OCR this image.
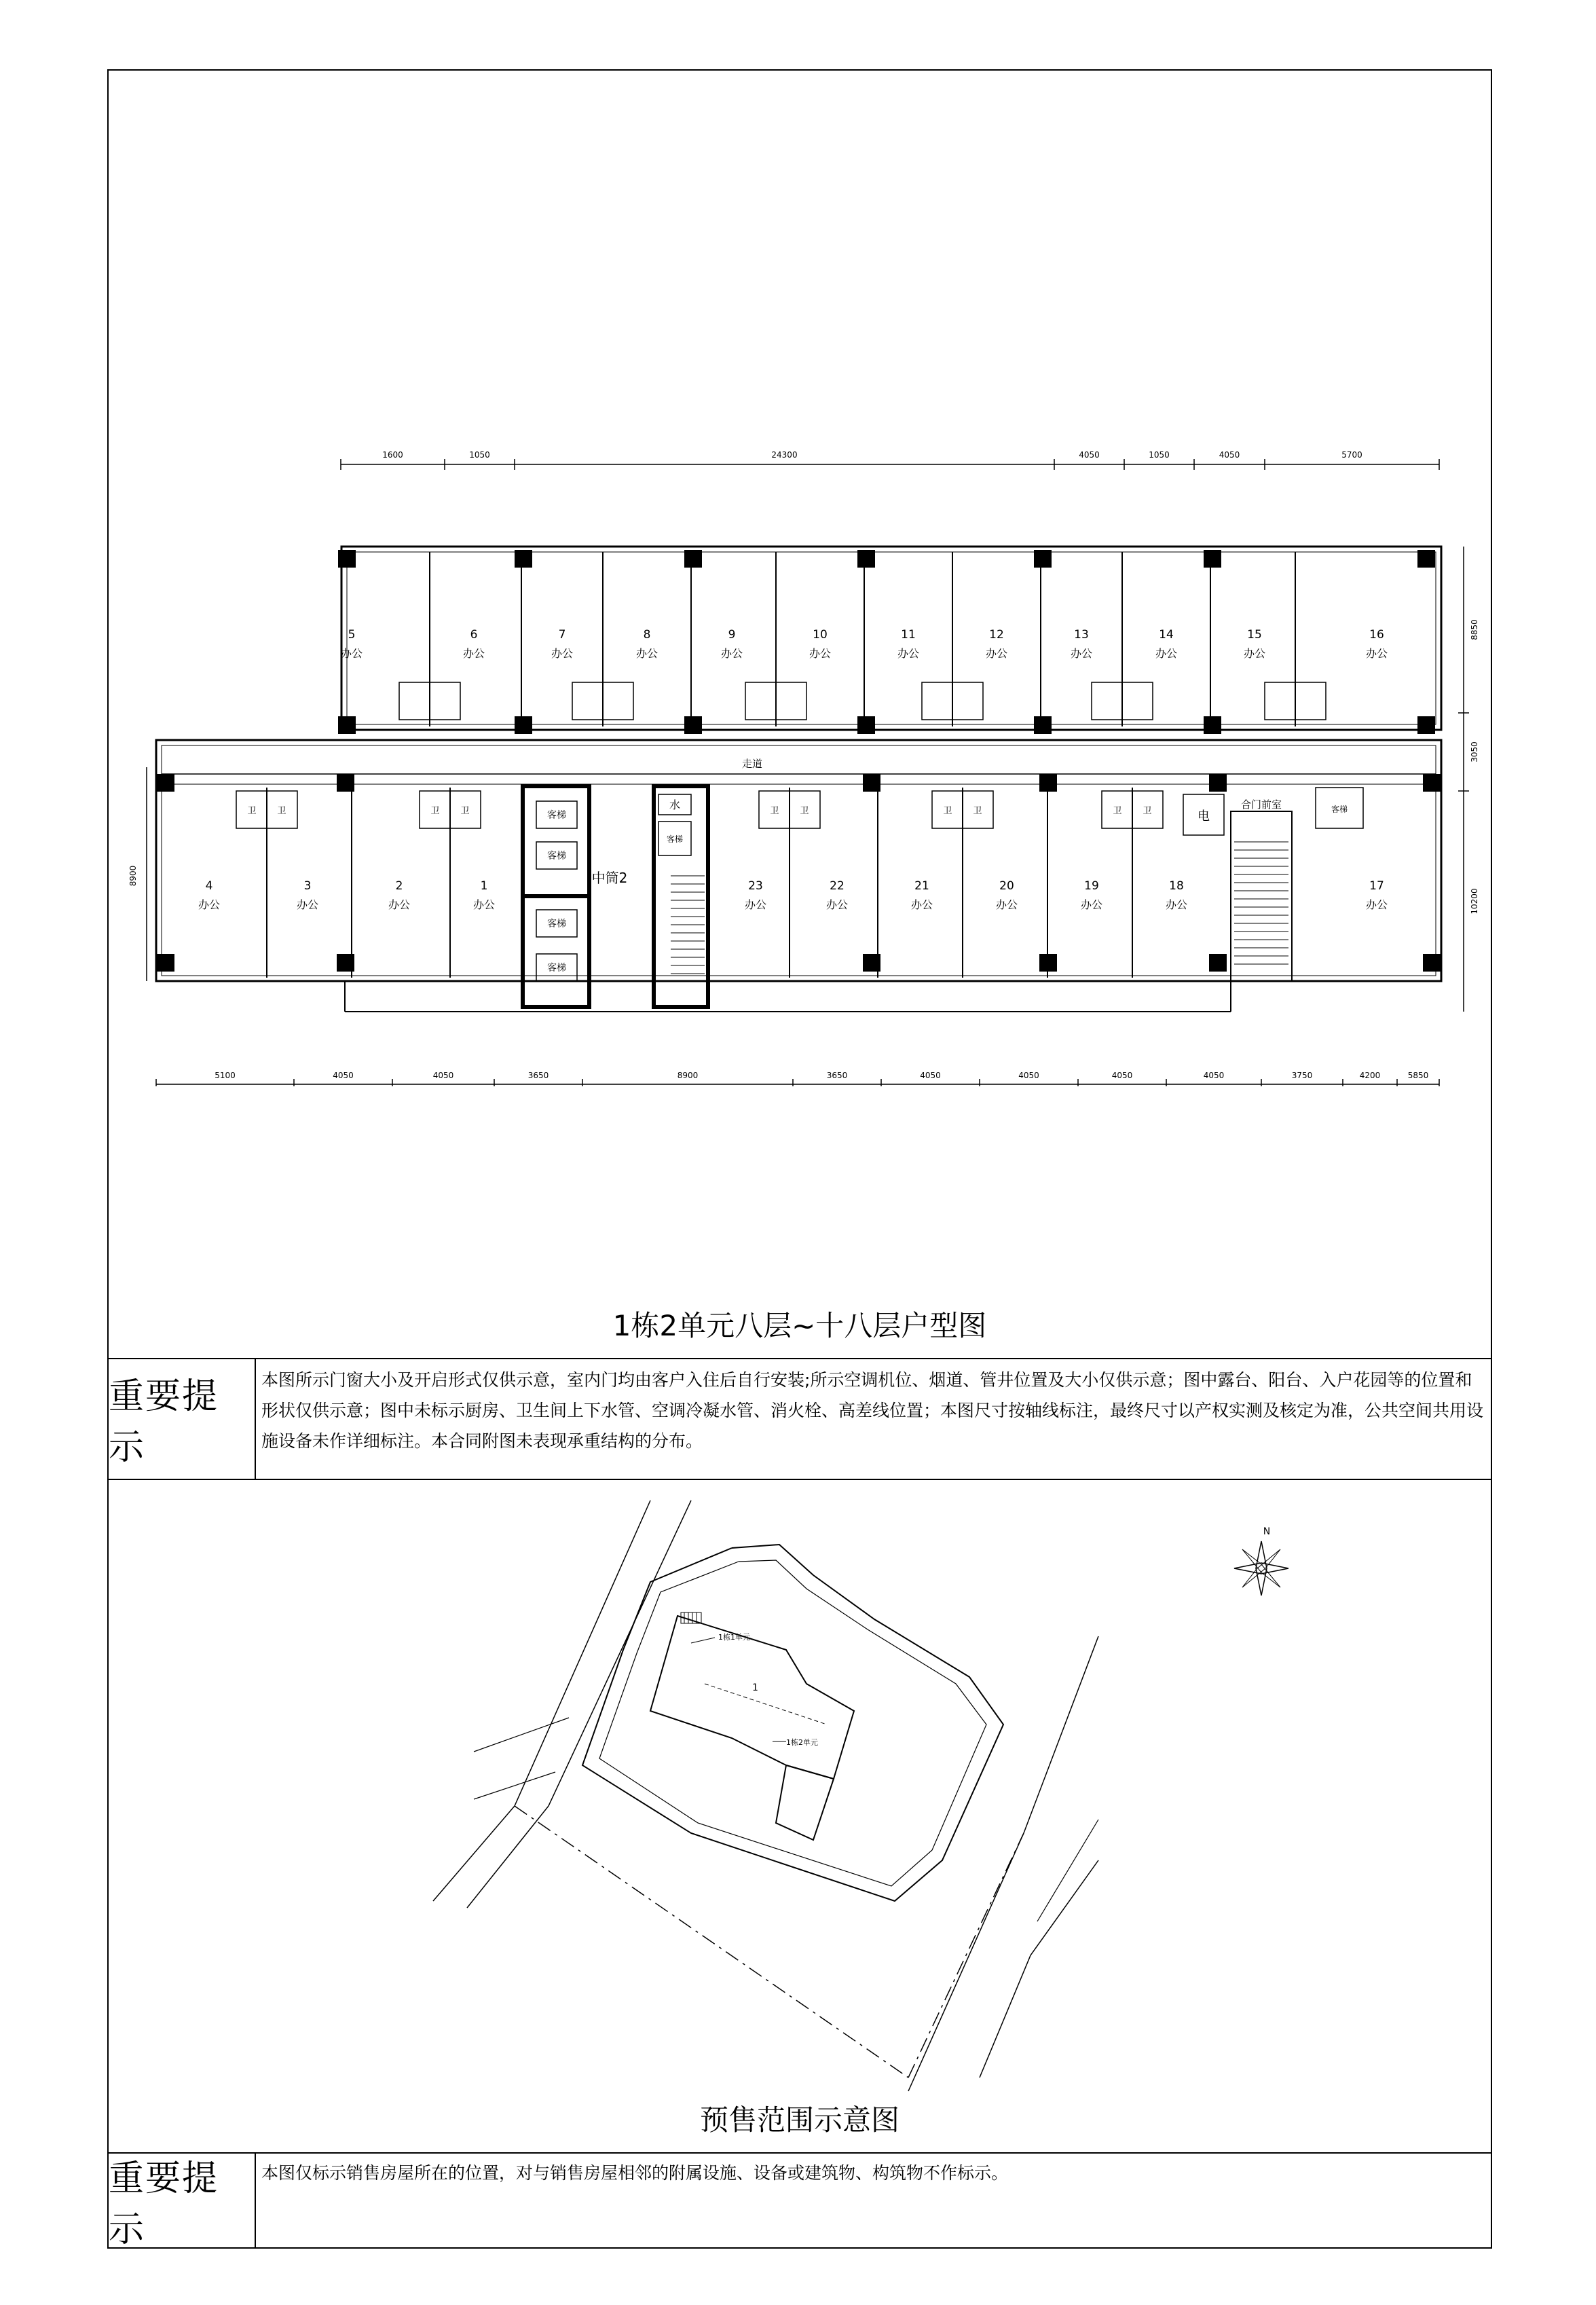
客梯
客梯
客梯
客梯
中筒2
水
客梯
电
合门前室	客梯
走道
1600	1050	24300	4050	1050	4050	5700
5100	4050	4050	3650	8900	3650	4050	4050	4050	4050	3750	4200	5850
8850
3050
10200
8900
5
办公
6
办公
7
办公
8
办公
9
办公
10
办公
11
办公
12
办公
13
办公
14
办公
15
办公
16
办公
4
办公
3
办公
2
办公
1
办公
23
办公
22
办公
21
办公
20
办公
19
办公
18
办公
17
办公
卫 卫	卫 卫	卫 卫	卫 卫	卫 卫
1栋2单元八层~十八层户型图
重要提示
本图所示门窗大小及开启形式仅供示意，室内门均由客户入住后自行安装;所示空调机位、烟道、管井位置及大小仅供示意；图中露台、阳台、入户花园等的位置和形状仅供示意；图中未标示厨房、卫生间上下水管、空调冷凝水管、消火栓、高差线位置；本图尺寸按轴线标注，最终尺寸以产权实测及核定为准，公共空间共用设施设备未作详细标注。本合同附图未表现承重结构的分布。
1
1栋1单元
1栋2单元
N
预售范围示意图
重要提示
本图仅标示销售房屋所在的位置，对与销售房屋相邻的附属设施、设备或建筑物、构筑物不作标示。
